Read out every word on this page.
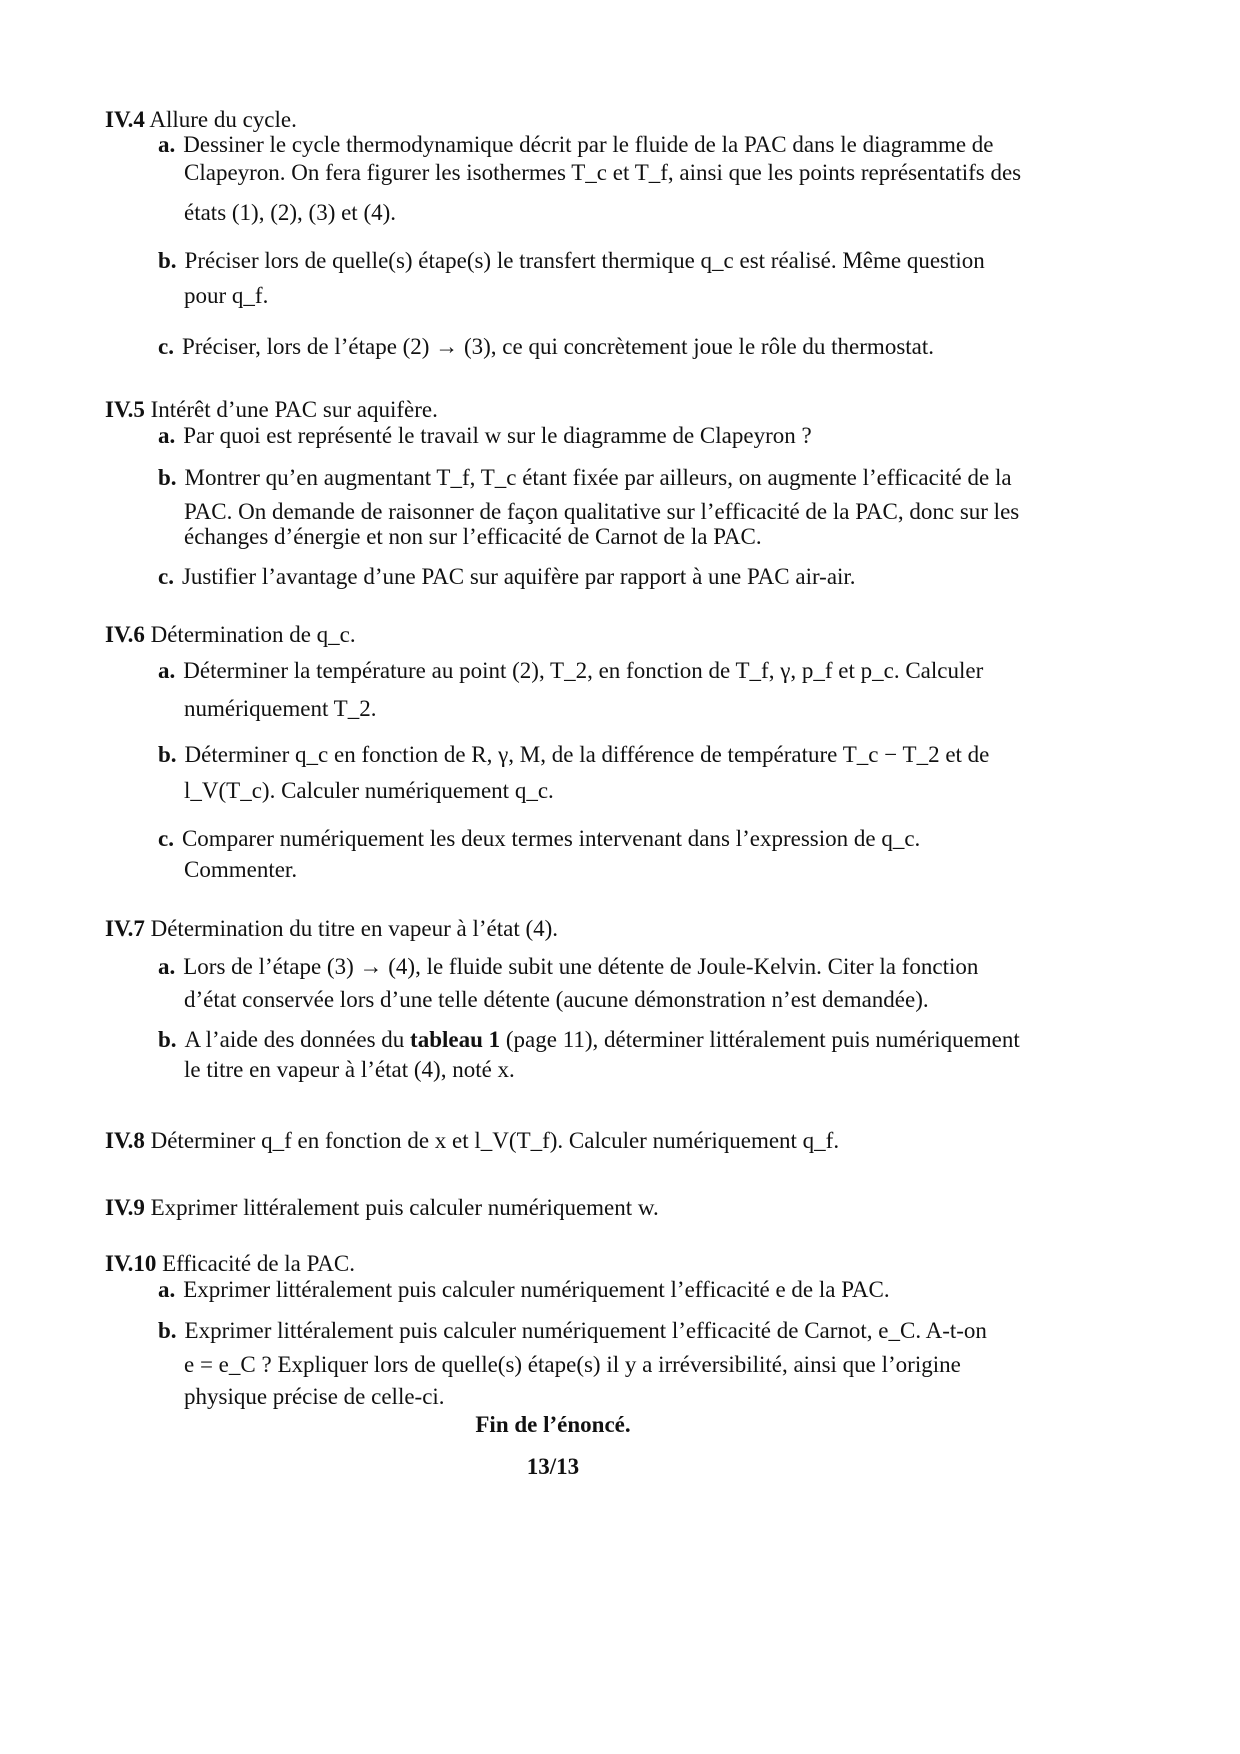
IV.4 Allure du cycle.
a. Dessiner le cycle thermodynamique décrit par le fluide de la PAC dans le diagramme de
Clapeyron. On fera figurer les isothermes T_c et T_f, ainsi que les points représentatifs des
états (1), (2), (3) et (4).
b. Préciser lors de quelle(s) étape(s) le transfert thermique q_c est réalisé. Même question
pour q_f.
c. Préciser, lors de l’étape (2) → (3), ce qui concrètement joue le rôle du thermostat.
IV.5 Intérêt d’une PAC sur aquifère.
a. Par quoi est représenté le travail w sur le diagramme de Clapeyron ?
b. Montrer qu’en augmentant T_f, T_c étant fixée par ailleurs, on augmente l’efficacité de la
PAC. On demande de raisonner de façon qualitative sur l’efficacité de la PAC, donc sur les
échanges d’énergie et non sur l’efficacité de Carnot de la PAC.
c. Justifier l’avantage d’une PAC sur aquifère par rapport à une PAC air-air.
IV.6 Détermination de q_c.
a. Déterminer la température au point (2), T_2, en fonction de T_f, γ, p_f et p_c. Calculer
numériquement T_2.
b. Déterminer q_c en fonction de R, γ, M, de la différence de température T_c − T_2 et de
l_V(T_c). Calculer numériquement q_c.
c. Comparer numériquement les deux termes intervenant dans l’expression de q_c.
Commenter.
IV.7 Détermination du titre en vapeur à l’état (4).
a. Lors de l’étape (3) → (4), le fluide subit une détente de Joule-Kelvin. Citer la fonction
d’état conservée lors d’une telle détente (aucune démonstration n’est demandée).
b. A l’aide des données du tableau 1 (page 11), déterminer littéralement puis numériquement
le titre en vapeur à l’état (4), noté x.
IV.8 Déterminer q_f en fonction de x et l_V(T_f). Calculer numériquement q_f.
IV.9 Exprimer littéralement puis calculer numériquement w.
IV.10 Efficacité de la PAC.
a. Exprimer littéralement puis calculer numériquement l’efficacité e de la PAC.
b. Exprimer littéralement puis calculer numériquement l’efficacité de Carnot, e_C. A-t-on
e = e_C ? Expliquer lors de quelle(s) étape(s) il y a irréversibilité, ainsi que l’origine
physique précise de celle-ci.
Fin de l’énoncé.
13/13
